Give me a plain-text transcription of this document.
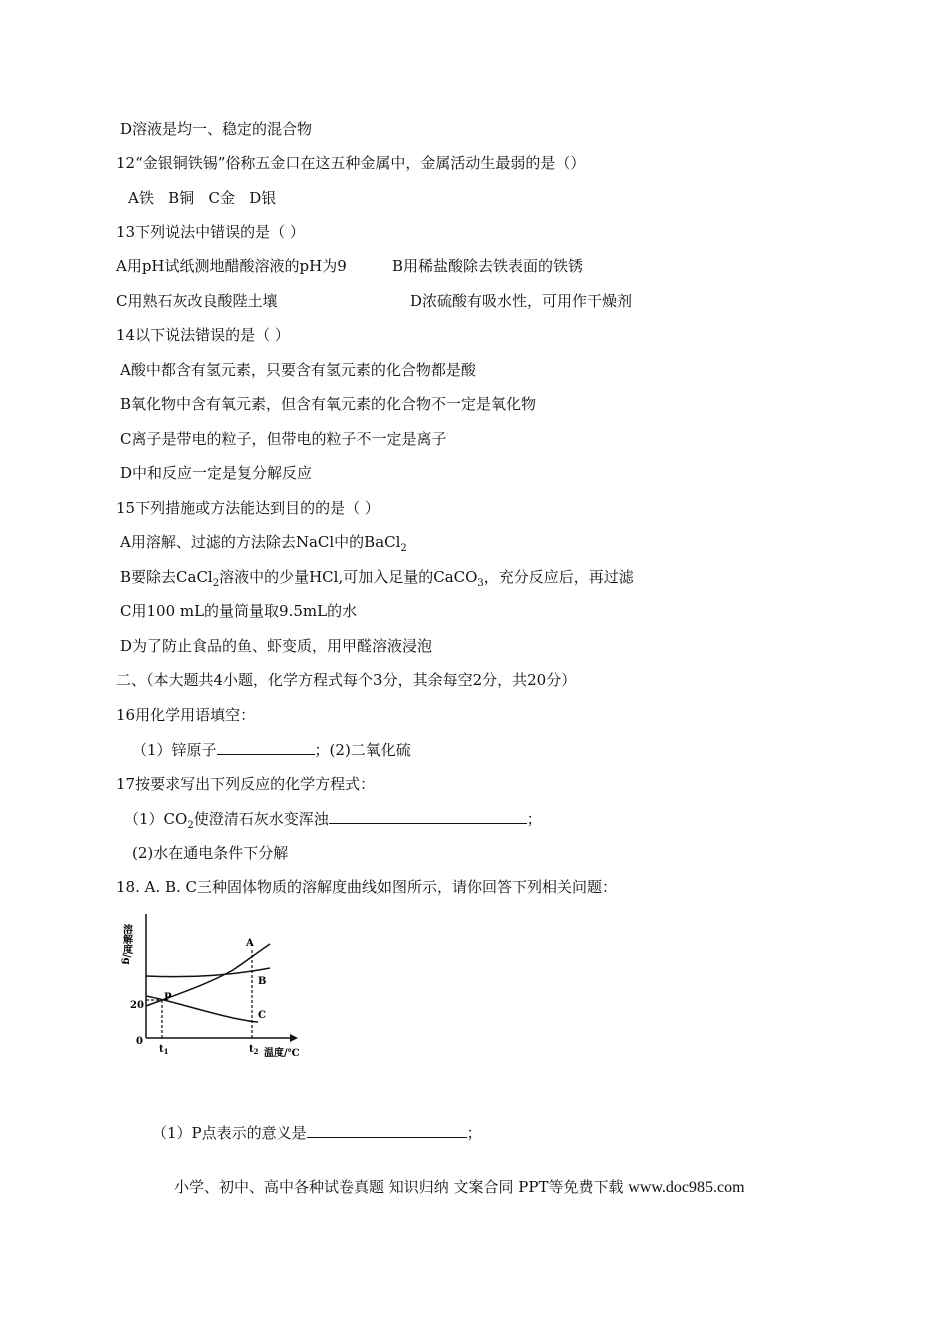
D溶液是均一、稳定的混合物
12“金银铜铁锡”俗称五金口在这五种金属中，金属活动生最弱的是（）
A铁   B铜   C金   D银
13下列说法中错误的是（ ）
A用pH试纸测地醋酸溶液的pH为9	B用稀盐酸除去铁表面的铁锈
C用熟石灰改良酸陛土壤	D浓硫酸有吸水性，可用作干燥剂
14以下说法错误的是（ ）
A酸中都含有氢元素，只要含有氢元素的化合物都是酸
B氧化物中含有氧元素，但含有氧元素的化合物不一定是氧化物
C离子是带电的粒子，但带电的粒子不一定是离子
D中和反应一定是复分解反应
15下列措施或方法能达到目的的是（ ）
A用溶解、过滤的方法除去NaCl中的BaCl$_2$
B要除去CaCl$_2$溶液中的少量HCl,可加入足量的CaCO$_3$，充分反应后，再过滤
C用100 mL的量筒量取9.5mL的水
D为了防止食品的鱼、虾变质，用甲醛溶液浸泡
二、（本大题共4小题，化学方程式每个3分，其余每空2分，共20分）
16用化学用语填空：
（1）锌原子	；(2)二氧化硫
17按要求写出下列反应的化学方程式：
$(1)CO_2$使澄清石灰水变浑浊	；
(2)水在通电条件下分解
18. A. B. C三种固体物质的溶解度曲线如图所示，请你回答下列相关问题：
溶解度/g
20
0
P
A
B
C
$t_1$	$t_2$ 温度/℃
（1）P点表示的意义是	；
小学、初中、高中各种试卷真题 知识归纳 文案合同 PPT等免费下载 www.doc985.com
